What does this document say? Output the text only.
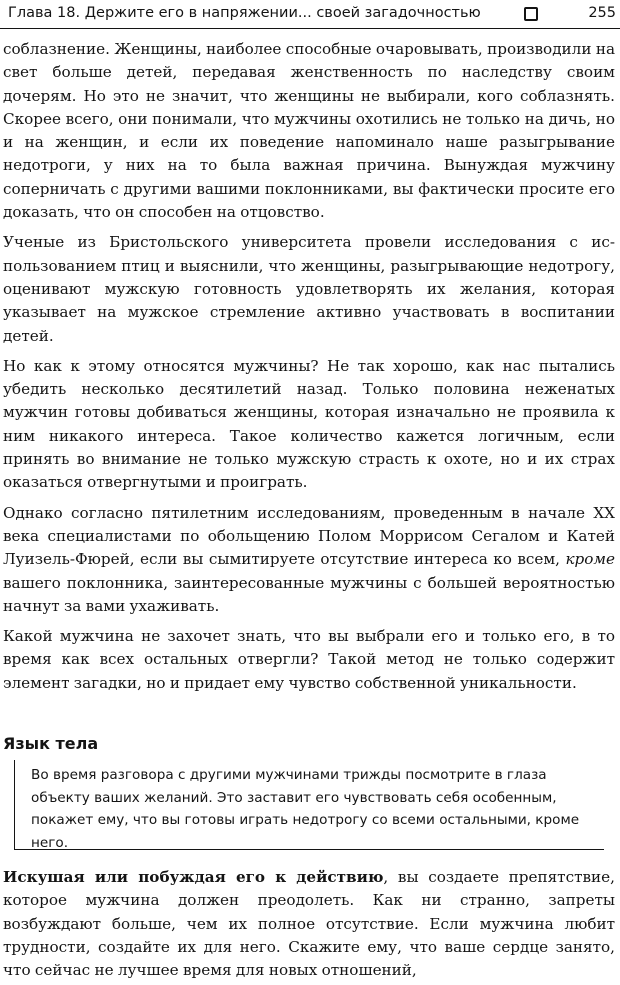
Глава 18. Держите его в напряжении... своей загадочностью	255

соблазнение. Женщины, наиболее способные очаровывать, производили на свет больше детей, передавая женственность по наследству своим дочерям. Но это не значит, что женщины не выбирали, кого соблазнять. Скорее всего, они понимали, что мужчины охотились не только на дичь, но и на женщин, и если их поведение напоминало наше разыгрывание недотроги, у них на то была важная причина. Вынуждая мужчину соперничать с другими вашими поклонниками, вы фактически просите его доказать, что он способен на отцовство.

Ученые из Бристольского университета провели исследования с использованием птиц и выяснили, что женщины, разыгрывающие недотрогу, оценивают мужскую готовность удовлетворять их желания, которая указывает на мужское стремление активно участвовать в воспитании детей.

Но как к этому относятся мужчины? Не так хорошо, как нас пытались убедить несколько десятилетий назад. Только половина неженатых мужчин готовы добиваться женщины, которая изначально не проявила к ним никакого интереса. Такое количество кажется логичным, если принять во внимание не только мужскую страсть к охоте, но и их страх оказаться отвергнутыми и проиграть.

Однако согласно пятилетним исследованиям, проведенным в начале XX века специалистами по обольщению Полом Моррисом Сегалом и Катей Луизель-Фюрей, если вы сымитируете отсутствие интереса ко всем, кроме вашего поклонника, заинтересованные мужчины с большей вероятностью начнут за вами ухаживать.

Какой мужчина не захочет знать, что вы выбрали его и только его, в то время как всех остальных отвергли? Такой метод не только содержит элемент загадки, но и придает ему чувство собственной уникальности.

Язык тела
Во время разговора с другими мужчинами трижды посмотрите в глаза объекту ваших желаний. Это заставит его чувствовать себя особенным, покажет ему, что вы готовы играть недотрогу со всеми остальными, кроме него.

Искушая или побуждая его к действию, вы создаете препятствие, которое мужчина должен преодолеть. Как ни странно, запреты возбуждают больше, чем их полное отсутствие. Если мужчина любит трудности, создайте их для него. Скажите ему, что ваше сердце занято, что сейчас не лучшее время для новых отношений,
